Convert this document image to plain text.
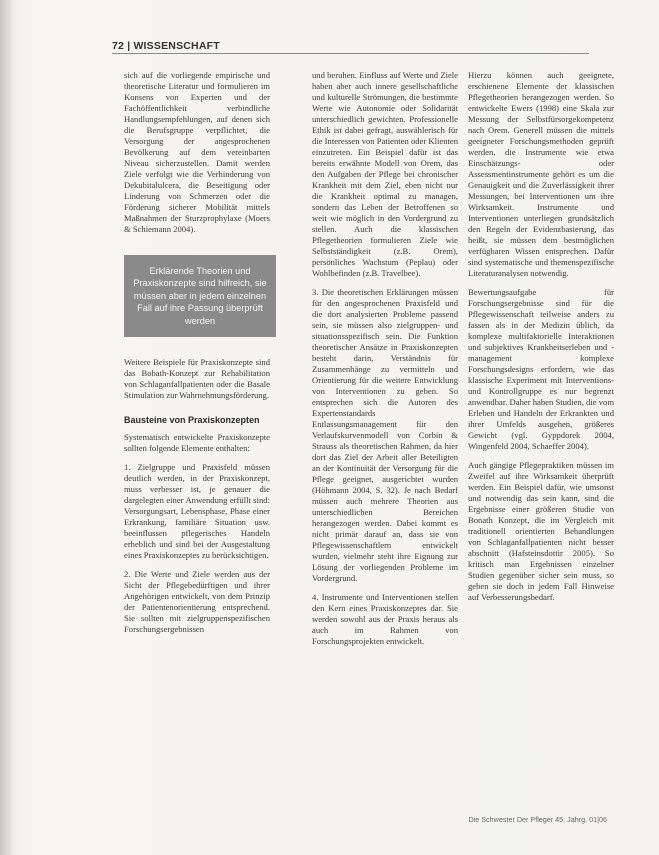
72 | WISSENSCHAFT

sich auf die vorliegende empirische und theoretische Literatur und formulieren im Konsens von Experten und der Fachöffentlichkeit verbindliche Handlungsempfehlungen, auf denen sich die Berufsgruppe verpflichtet, die Versorgung der angesprochenen Bevölkerung auf dem vereinbarten Niveau sicherzustellen. Damit werden Ziele verfolgt wie die Verhinderung von Dekubitalulcera, die Beseitigung oder Linderung von Schmerzen oder die Förderung sicherer Mobilität mittels Maßnahmen der Sturzprophylaxe (Moers & Schiemann 2004).

Erklärende Theorien und Praxiskonzepte sind hilfreich, sie müssen aber in jedem einzelnen Fall auf ihre Passung überprüft werden

Weitere Beispiele für Praxiskonzepte sind das Bobath-Konzept zur Rehabilitation von Schlaganfallpatienten oder die Basale Stimulation zur Wahrnehmungsförderung.

Bausteine von Praxiskonzepten

Systematisch entwickelte Praxiskonzepte sollten folgende Elemente enthalten:

1. Zielgruppe und Praxisfeld müssen deutlich werden, in der Praxiskonzept, muss verbesser ist, je genauer die dargelegten einer Anwendung erfüllt sind: Versorgungsart, Lebensphase, Phase einer Erkrankung, familiäre Situation usw. beeinflussen pflegerisches Handeln erheblich und sind bei der Ausgestaltung eines Praxiskonzeptes zu berücksichtigen.

2. Die Werte und Ziele werden aus der Sicht der Pflegebedürftigen und ihrer Angehörigen entwickelt, von dem Prinzip der Patientenorientierung entsprechend. Sie sollten mit zielgruppenspezifischen Forschungsergebnissen

und beruhen. Einfluss auf Werte und Ziele haben aber auch innere gesellschaftliche und kulturelle Strömungen, die bestimmte Werte wie Autonomie oder Solidarität unterschiedlich gewichten. Professionelle Ethik ist dabei gefragt, auswählerisch für die Interessen von Patienten oder Klienten einzutreten. Ein Beispiel dafür ist das bereits erwähnte Modell von Orem, das den Aufgaben der Pflege bei chronischer Krankheit mit dem Ziel, eben nicht nur die Krankheit optimal zu managen, sondern das Leben der Betroffenen so weit wie möglich in den Vordergrund zu stellen. Auch die klassischen Pflegetheorien formulieren Ziele wie Selbstständigkeit (z.B. Orem), persönliches Wachstum (Peplau) oder Wohlbefinden (z.B. Travelbee).

3. Die theoretischen Erklärungen müssen für den angesprochenen Praxisfeld und die dort analysierten Probleme passend sein, sie müssen also zielgruppen- und situationsspezifisch sein. Die Funktion theoretischer Ansätze in Praxiskonzepten besteht darin, Verständnis für Zusammenhänge zu vermitteln und Orientierung für die weitere Entwicklung von Interventionen zu geben. So entsprechen sich die Autoren des Expertenstandards Entlassungsmanagement für den Verlaufskurvenmodell von Corbin & Strauss als theoretischen Rahmen, da hier dort das Ziel der Arbeit aller Beteiligten an der Kontinuität der Versorgung für die Pflege geeignet, ausgerichtet wurden (Höhmann 2004, S. 32). Je nach Bedarf müssen auch mehrere Theorien aus unterschiedlichen Bereichen herangezogen werden. Dabei kommt es nicht primär darauf an, dass sie von Pflegewissenschaftlern entwickelt wurden, vielmehr steht ihre Eignung zur Lösung der vorliegenden Probleme im Vordergrund.

4. Instrumente und Interventionen stellen den Kern eines Praxiskonzeptes dar. Sie werden sowohl aus der Praxis heraus als auch im Rahmen von Forschungsprojekten entwickelt.

Hierzu können auch geeignete, erschienene Elemente der klassischen Pflegetheorien herangezogen werden. So entwickelte Ewers (1998) eine Skala zur Messung der Selbstfürsorgekompetenz nach Orem. Generell müssen die mittels geeigneter Forschungsmethoden geprüft werden, die Instrumente wie etwa Einschätzungs- oder Assessmentinstrumente gehört es um die Genauigkeit und die Zuverlässigkeit ihrer Messungen, bei Interventionen um ihre Wirksamkeit. Instrumente und Interventionen unterliegen grundsätzlich den Regeln der Evidenzbasierung, das heißt, sie müssen dem bestmöglichen verfügbaren Wissen entsprechen. Dafür sind systematische und themenspezifische Literaturanalysen notwendig.

Bewertungsaufgabe für Forschungsergebnisse sind für die Pflegewissenschaft teilweise anders zu fassen als in der Medizin üblich, da komplexe multifaktorielle Interaktionen und subjektives Krankheitserleben und -management komplexe Forschungsdesigns erfordern, wie das klassische Experiment mit Interventions- und Kontrollgruppe es nur begrenzt anwendbar. Daher haben Studien, die vom Erleben und Handeln der Erkrankten und ihrer Umfelds ausgehen, größeres Gewicht (vgl. Gyppdorek 2004, Wingenfeld 2004, Schaeffer 2004).

Auch gängige Pflegepraktiken müssen im Zweifel auf ihre Wirksamkeit überprüft werden. Ein Beispiel dafür, wie umsonst und notwendig das sein kann, sind die Ergebnisse einer größeren Studie von Bonath Konzept, die im Vergleich mit traditionell orientierten Behandlungen von Schlaganfallpatienten nicht besser abschnitt (Hafsteinsdottir 2005). So kritisch man Ergebnissen einzelner Studien gegenüber sicher sein muss, so geben sie doch in jedem Fall Hinweise auf Verbesserungsbedarf.

Die Schwester Der Pfleger 45. Jahrg. 01|06
